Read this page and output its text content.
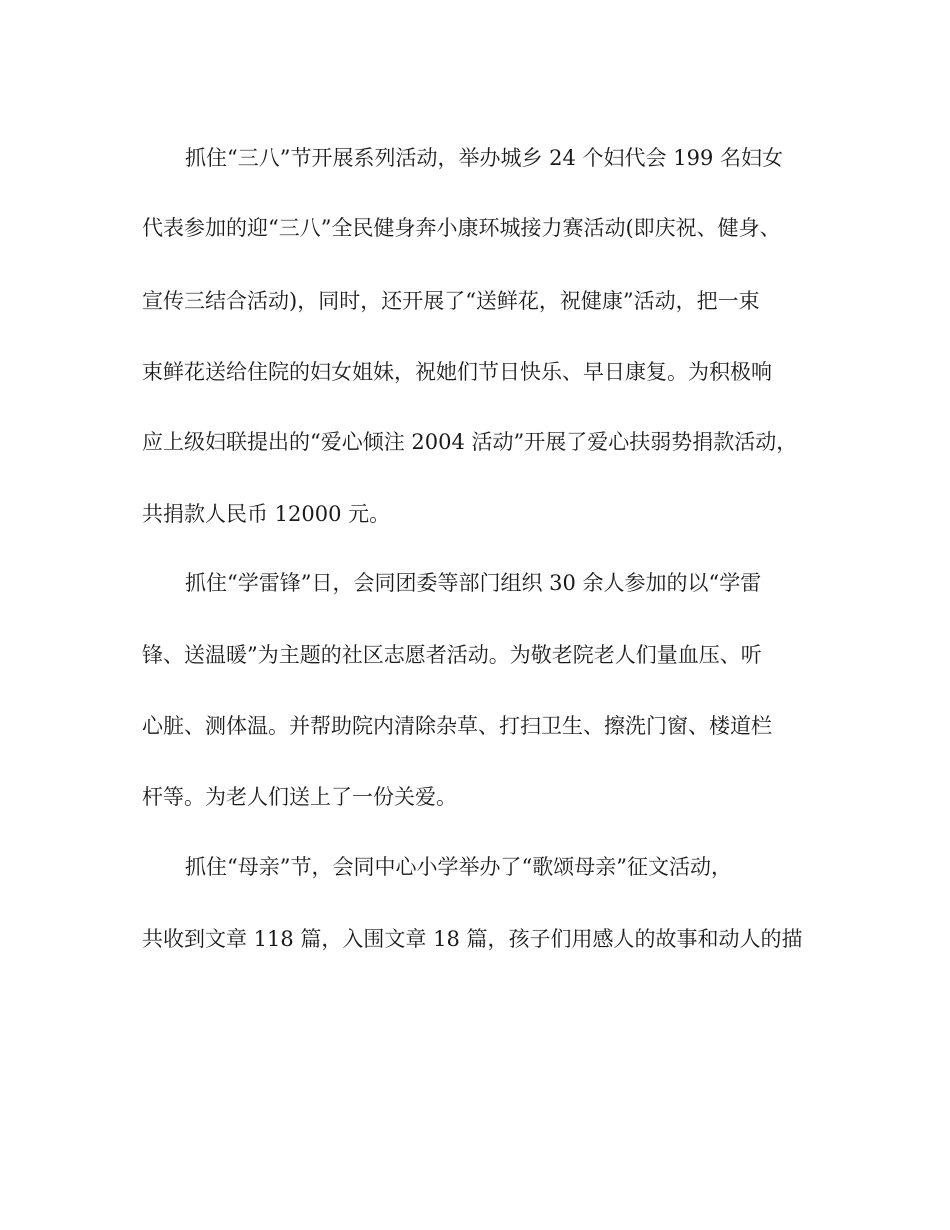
抓住“三八”节开展系列活动，举办城乡 24 个妇代会 199 名妇女
代表参加的迎“三八”全民健身奔小康环城接力赛活动(即庆祝、健身、
宣传三结合活动)，同时，还开展了“送鲜花，祝健康”活动，把一束
束鲜花送给住院的妇女姐妹，祝她们节日快乐、早日康复。为积极响
应上级妇联提出的“爱心倾注 2004 活动”开展了爱心扶弱势捐款活动，
共捐款人民币 12000 元。
抓住“学雷锋”日，会同团委等部门组织 30 余人参加的以“学雷
锋、送温暖”为主题的社区志愿者活动。为敬老院老人们量血压、听
心脏、测体温。并帮助院内清除杂草、打扫卫生、擦洗门窗、楼道栏
杆等。为老人们送上了一份关爱。
抓住“母亲”节，会同中心小学举办了“歌颂母亲”征文活动，
共收到文章 118 篇，入围文章 18 篇，孩子们用感人的故事和动人的描
